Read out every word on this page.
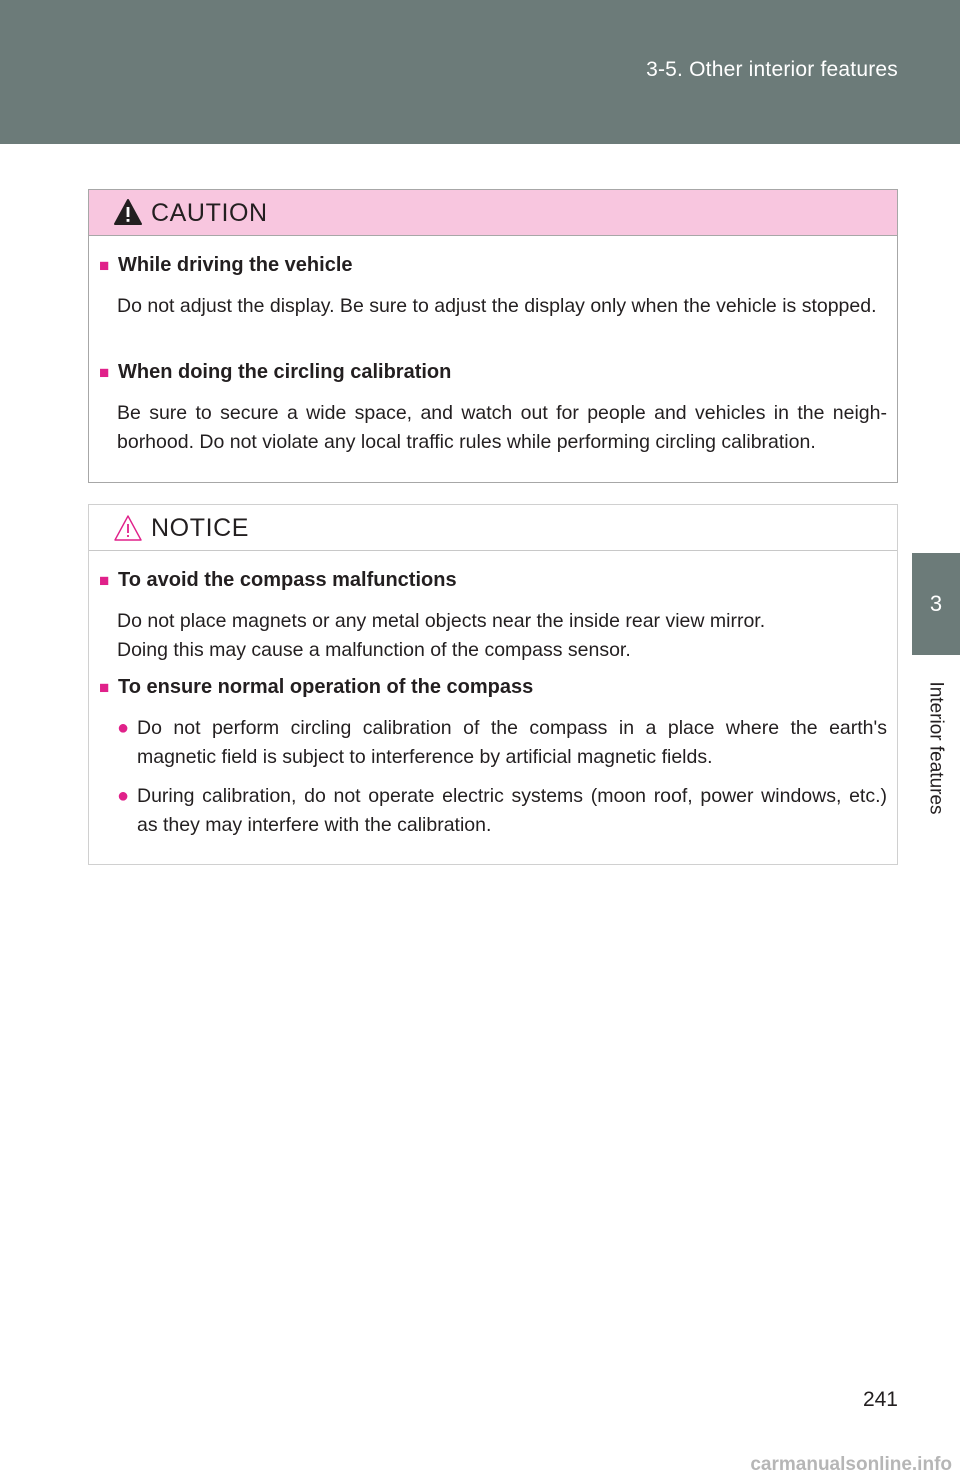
3-5. Other interior features
3
Interior features
CAUTION
■ While driving the vehicle
Do not adjust the display. Be sure to adjust the display only when the vehicle is stopped.
■ When doing the circling calibration
Be sure to secure a wide space, and watch out for people and vehicles in the neigh-borhood. Do not violate any local traffic rules while performing circling calibration.
NOTICE
■ To avoid the compass malfunctions
Do not place magnets or any metal objects near the inside rear view mirror.
Doing this may cause a malfunction of the compass sensor.
■ To ensure normal operation of the compass
● Do not perform circling calibration of the compass in a place where the earth's magnetic field is subject to interference by artificial magnetic fields.
● During calibration, do not operate electric systems (moon roof, power windows, etc.) as they may interfere with the calibration.
241
carmanualsonline.info
